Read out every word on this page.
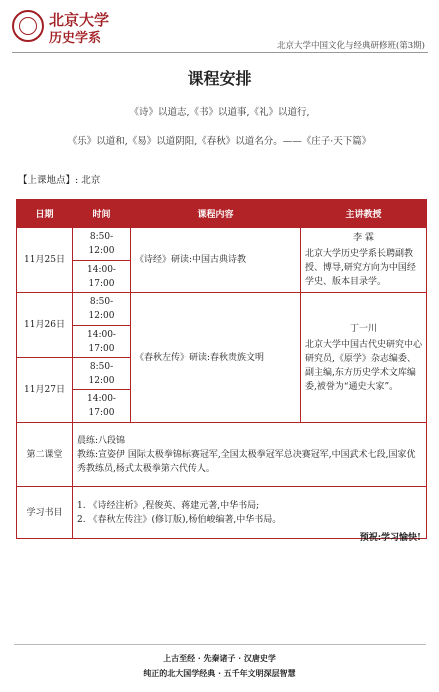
北京大学
历史学系	北京大学中国文化与经典研修班(第3期)
课程安排
《诗》以道志,《书》以道事,《礼》以道行,
《乐》以道和,《易》以道阴阳,《春秋》以道名分。——《庄子·天下篇》
【上课地点】: 北京
日期	时间	课程内容	主讲教授
11月25日	8:50-12:00	《诗经》研读:中国古典诗教	李 霖
北京大学历史学系长聘副教授、博导,研究方向为中国经学史、版本目录学。
	14:00-17:00		
11月26日	8:50-12:00	《春秋左传》研读:春秋贵族文明	丁一川
北京大学中国古代史研究中心研究员,《原学》杂志编委、副主编,东方历史学术文库编委,被誉为“通史大家”。
	14:00-17:00		
11月27日	8:50-12:00		
	14:00-17:00		
第二课堂	晨练:八段锦
教练:宣姿伊 国际太极拳锦标赛冠军,全国太极拳冠军总决赛冠军,中国武术七段,国家优秀教练员,杨式太极拳第六代传人。		

学习书目	1. 《诗经注析》,程俊英、蒋建元著,中华书局;
2. 《春秋左传注》(修订版),杨伯峻编著,中华书局。		
预祝:学习愉快!
上古至经 · 先秦诸子 · 汉唐史学
纯正的北大国学经典 · 五千年文明深层智慧
